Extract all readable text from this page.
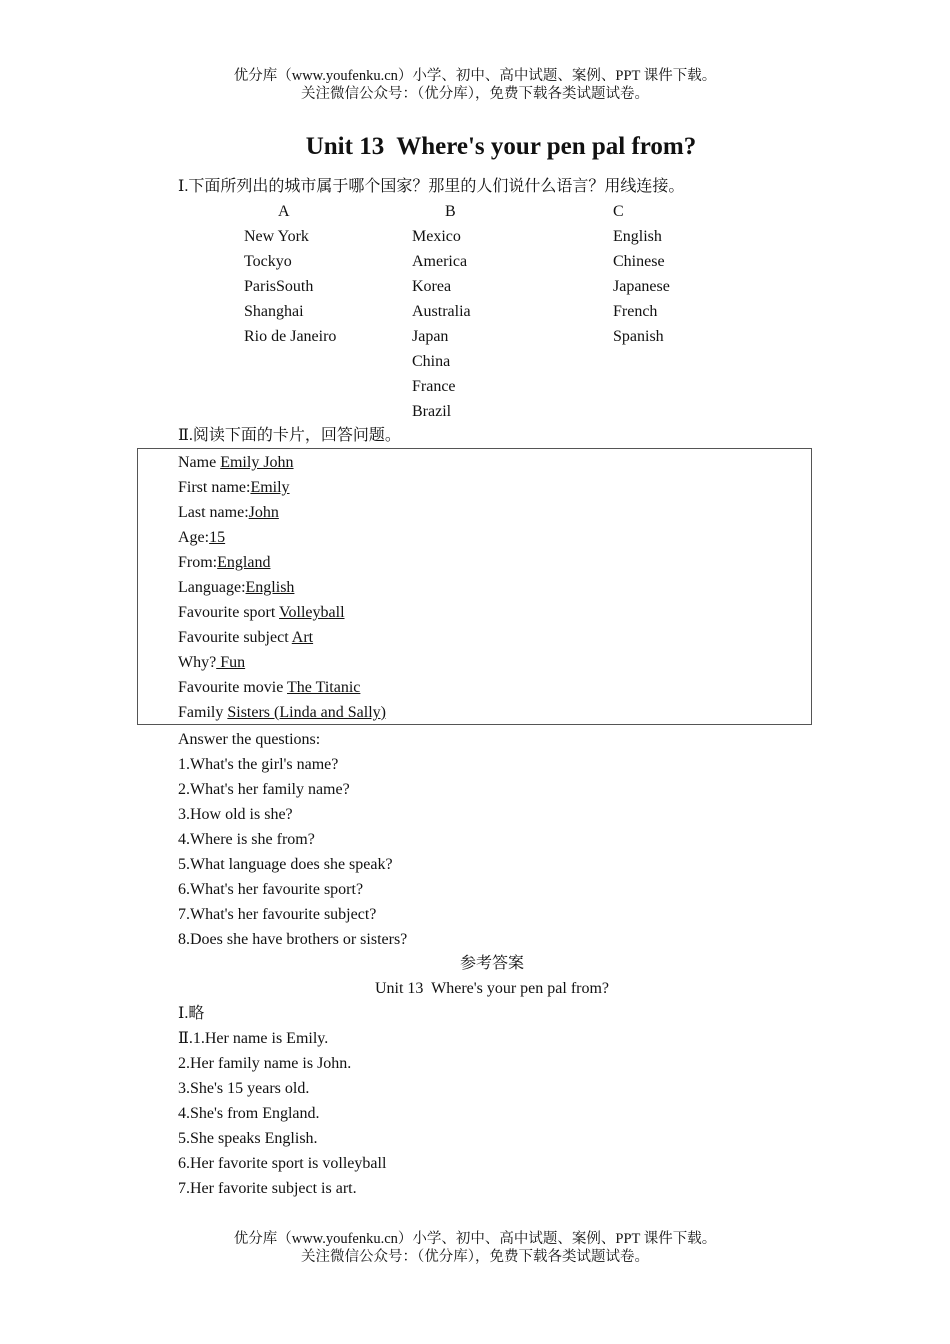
优分库（www.youfenku.cn）小学、初中、高中试题、案例、PPT 课件下载。
关注微信公众号：（优分库），免费下载各类试题试卷。
Unit 13  Where's your pen pal from?
Ⅰ.下面所列出的城市属于哪个国家？那里的人们说什么语言？用线连接。
A	B	C
New York
Tockyo
ParisSouth
Shanghai
Rio de Janeiro
Mexico
America
Korea
Australia
Japan
China
France
Brazil
English
Chinese
Japanese
French
Spanish
Ⅱ.阅读下面的卡片，回答问题。
Name Emily John
First name:Emily
Last name:John
Age:15
From:England
Language:English
Favourite sport Volleyball
Favourite subject Art
Why? Fun
Favourite movie The Titanic
Family Sisters (Linda and Sally)
Answer the questions:
1.What's the girl's name?
2.What's her family name?
3.How old is she?
4.Where is she from?
5.What language does she speak?
6.What's her favourite sport?
7.What's her favourite subject?
8.Does she have brothers or sisters?
参考答案
Unit 13  Where's your pen pal from?
Ⅰ.略
Ⅱ.1.Her name is Emily.
2.Her family name is John.
3.She's 15 years old.
4.She's from England.
5.She speaks English.
6.Her favorite sport is volleyball
7.Her favorite subject is art.
优分库（www.youfenku.cn）小学、初中、高中试题、案例、PPT 课件下载。
关注微信公众号：（优分库），免费下载各类试题试卷。
